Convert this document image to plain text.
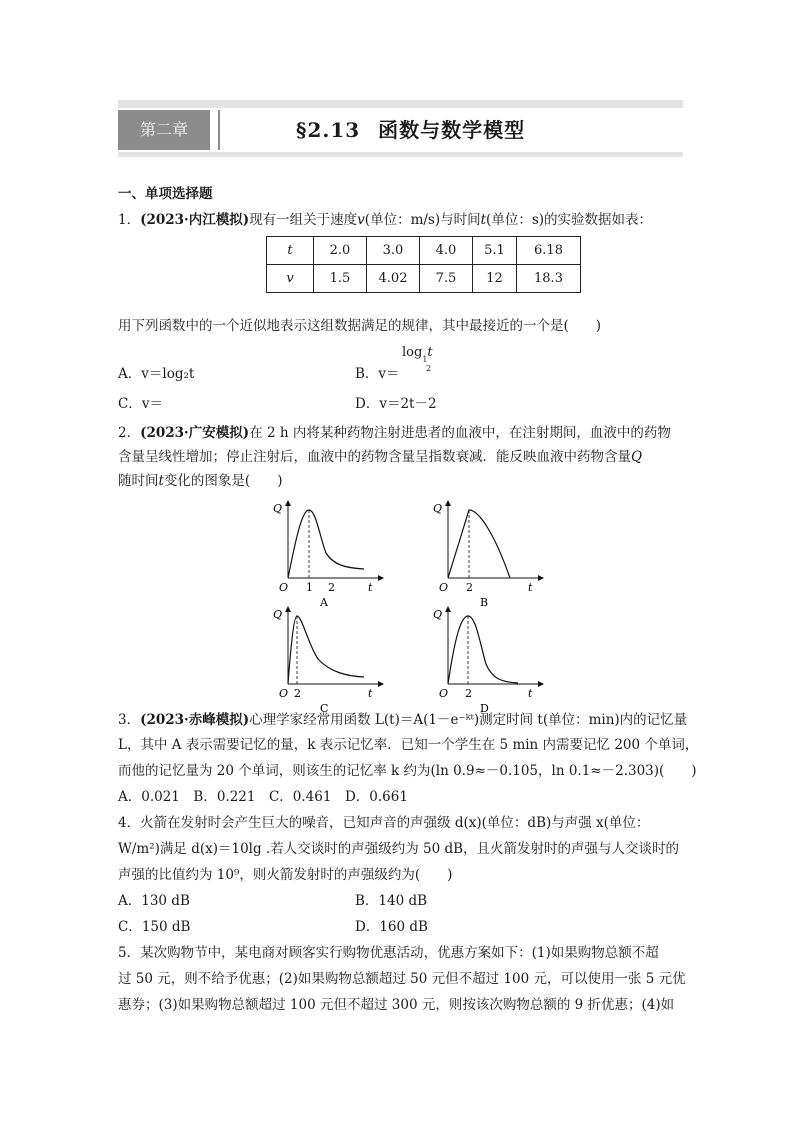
第二章	§2.13 函数与数学模型
一、单项选择题
1．(2023·内江模拟)现有一组关于速度v(单位：m/s)与时间t(单位：s)的实验数据如表：
t	2.0	3.0	4.0	5.1	6.18
v	1.5	4.02	7.5	12	18.3
用下列函数中的一个近似地表示这组数据满足的规律，其中最接近的一个是(　　)
A．v＝log₂t	B．v＝
$\log_1t$
2
C．v＝	D．v＝2t－2
2．(2023·广安模拟)在 2 h 内将某种药物注射进患者的血液中，在注射期间，血液中的药物
含量呈线性增加；停止注射后，血液中的药物含量呈指数衰减．能反映血液中药物含量Q
随时间t变化的图象是(　　)
Q
O 1 2	t
A
Q
O 2	t
B
Q
O 2	t
C
Q
O 2	t
D
3．(2023·赤峰模拟)心理学家经常用函数 L(t)＝A(1－e⁻ᵏᵗ)测定时间 t(单位：min)内的记忆量
L，其中 A 表示需要记忆的量，k 表示记忆率．已知一个学生在 5 min 内需要记忆 200 个单词，
而他的记忆量为 20 个单词，则该生的记忆率 k 约为(ln 0.9≈－0.105，ln 0.1≈－2.303)(　　)
A．0.021　B．0.221　C．0.461　D．0.661
4．火箭在发射时会产生巨大的噪音，已知声音的声强级 d(x)(单位：dB)与声强 x(单位：
W/m²)满足 d(x)＝10lg .若人交谈时的声强级约为 50 dB，且火箭发射时的声强与人交谈时的
声强的比值约为 10⁹，则火箭发射时的声强级约为(　　)
A．130 dB	B．140 dB
C．150 dB	D．160 dB
5．某次购物节中，某电商对顾客实行购物优惠活动，优惠方案如下：(1)如果购物总额不超
过 50 元，则不给予优惠；(2)如果购物总额超过 50 元但不超过 100 元，可以使用一张 5 元优
惠券；(3)如果购物总额超过 100 元但不超过 300 元，则按该次购物总额的 9 折优惠；(4)如
